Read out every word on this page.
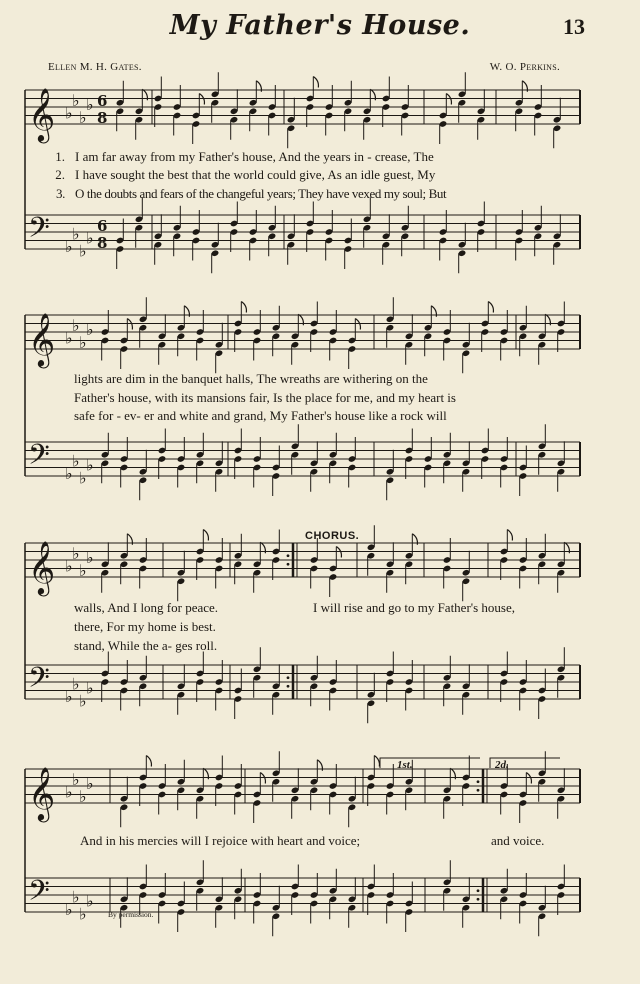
My Father's House.	13
Ellen M. H. Gates.	W. O. Perkins.
𝄞
𝄢
♭
♭
♭
♭
♭
♭
♭
♭
6
8
6
8
𝄞
𝄢
♭
♭
♭
♭
♭
♭
♭
♭
𝄞
𝄢
♭
♭
♭
♭
♭
♭
♭
♭
𝄞
𝄢
♭
♭
♭
♭
♭
♭
♭
♭
1. I am far away from my Father's house, And the years in - crease, The
2. I have sought the best that the world could give, As an idle guest, My
3. O the doubts and fears of the changeful years; They have vexed my soul; But
lights are dim in the banquet halls, The wreaths are withering on the
Father's house, with its mansions fair, Is the place for me, and my heart is
safe for - ev- er and white and grand, My Father's house like a rock will
CHORUS.
walls, And I long for peace.
there, For my home is best.
stand, While the a- ges roll.
I will rise and go to my Father's house,
1st.	2d.
And in his mercies will I rejoice with heart and voice;	and voice.
By permission.
